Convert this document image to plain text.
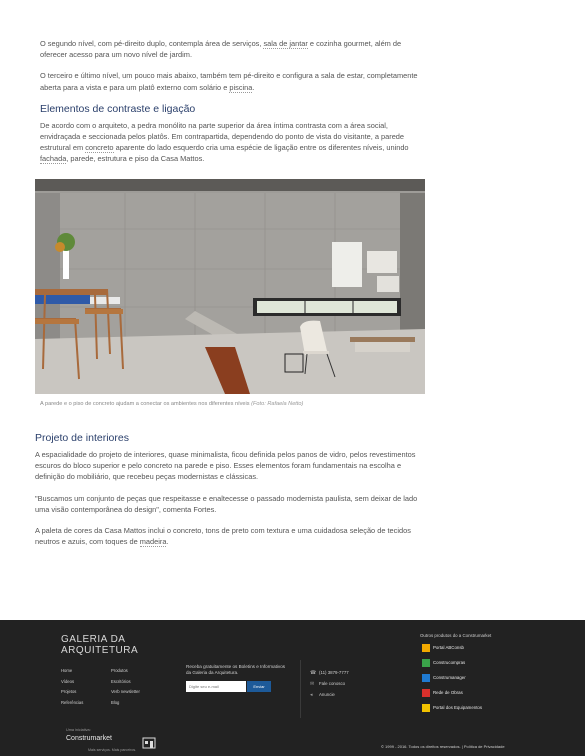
O segundo nível, com pé-direito duplo, contempla área de serviços, sala de jantar e cozinha gourmet, além de oferecer acesso para um novo nível de jardim.

O terceiro e último nível, um pouco mais abaixo, também tem pé-direito e configura a sala de estar, completamente aberta para a vista e para um platô externo com solário e piscina.

Elementos de contraste e ligação

De acordo com o arquiteto, a pedra monólito na parte superior da área íntima contrasta com a área social, envidraçada e seccionada pelos platôs. Em contrapartida, dependendo do ponto de vista do visitante, a parede estrutural em concreto aparente do lado esquerdo cria uma espécie de ligação entre os diferentes níveis, unindo fachada, parede, estrutura e piso da Casa Mattos.

A parede e o piso de concreto ajudam a conectar os ambientes nos diferentes níveis (Foto: Rafaela Netto)
Projeto de interiores

A espacialidade do projeto de interiores, quase minimalista, ficou definida pelos panos de vidro, pelos revestimentos escuros do bloco superior e pelo concreto na parede e piso. Esses elementos foram fundamentais na escolha e definição do mobiliário, que recebeu peças modernistas e clássicas.

"Buscamos um conjunto de peças que respeitasse e enaltecesse o passado modernista paulista, sem deixar de lado uma visão contemporânea do design", comenta Fortes.

A paleta de cores da Casa Mattos inclui o concreto, tons de preto com textura e uma cuidadosa seleção de tecidos neutros e azuis, com toques de madeira.

GALERIA DA
ARQUITETURA
Home
Vídeos
Projetos
Referências
Produtos
Escritórios
Verb newsletter
Blog
Receba gratuitamente os Boletins e Informativos da Galeria da Arquitetura.
Digite seu e-mail
Enviar
☎ (11) 3879-7777
✉ Fale conosco
◂ Anuncie
Outros produtos do a Construmarket
Portal ABConsb
Construcompras
Construmanager
Rede de Obras
Portal dos Equipamentos
Uma iniciativa:
Construmarket
Mais serviços. Mais parceiros.
© 1999 - 2016. Todos os direitos reservados. | Política de Privacidade
